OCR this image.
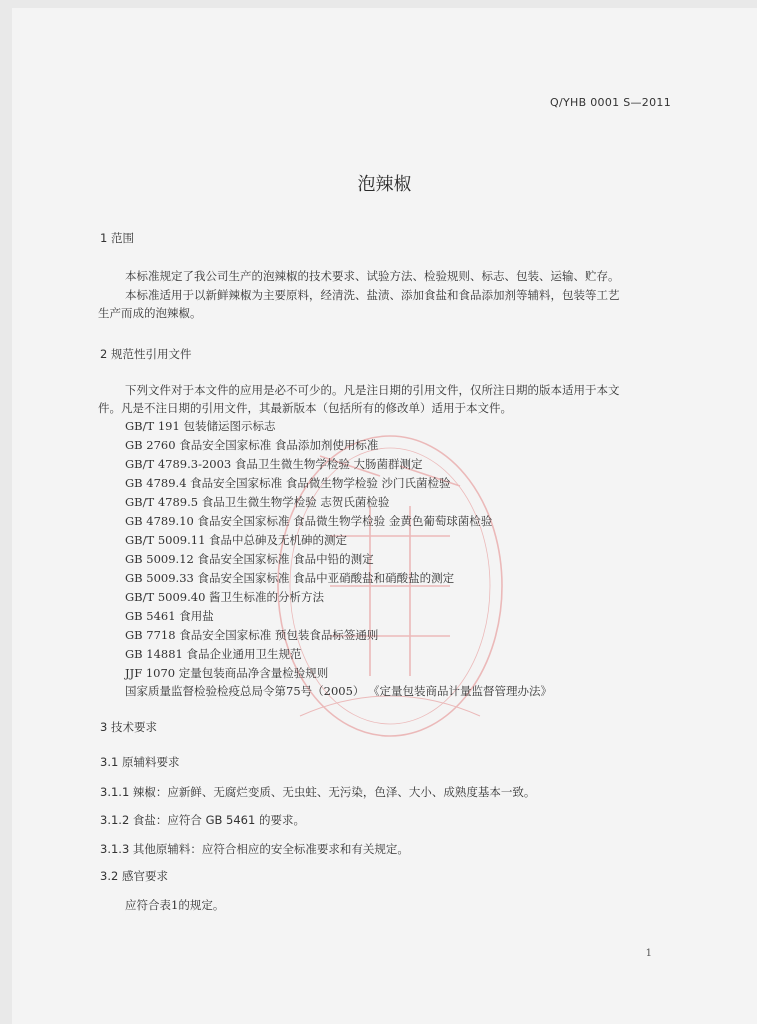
Q/YHB 0001 S—2011
泡辣椒
1 范围
本标准规定了我公司生产的泡辣椒的技术要求、试验方法、检验规则、标志、包装、运输、贮存。
本标准适用于以新鲜辣椒为主要原料，经清洗、盐渍、添加食盐和食品添加剂等辅料，包装等工艺
生产而成的泡辣椒。
2 规范性引用文件
下列文件对于本文件的应用是必不可少的。凡是注日期的引用文件，仅所注日期的版本适用于本文
件。凡是不注日期的引用文件，其最新版本（包括所有的修改单）适用于本文件。
GB/T 191 包装储运图示标志
GB 2760 食品安全国家标准 食品添加剂使用标准
GB/T 4789.3-2003 食品卫生微生物学检验 大肠菌群测定
GB 4789.4 食品安全国家标准 食品微生物学检验 沙门氏菌检验
GB/T 4789.5 食品卫生微生物学检验 志贺氏菌检验
GB 4789.10 食品安全国家标准 食品微生物学检验 金黄色葡萄球菌检验
GB/T 5009.11 食品中总砷及无机砷的测定
GB 5009.12 食品安全国家标准 食品中铅的测定
GB 5009.33 食品安全国家标准 食品中亚硝酸盐和硝酸盐的测定
GB/T 5009.40 酱卫生标准的分析方法
GB 5461 食用盐
GB 7718 食品安全国家标准 预包装食品标签通则
GB 14881 食品企业通用卫生规范
JJF 1070 定量包装商品净含量检验规则
国家质量监督检验检疫总局令第75号（2005） 《定量包装商品计量监督管理办法》
3 技术要求
3.1 原辅料要求
3.1.1 辣椒：应新鲜、无腐烂变质、无虫蛀、无污染，色泽、大小、成熟度基本一致。
3.1.2 食盐：应符合 GB 5461 的要求。
3.1.3 其他原辅料：应符合相应的安全标准要求和有关规定。
3.2 感官要求
应符合表1的规定。
1
